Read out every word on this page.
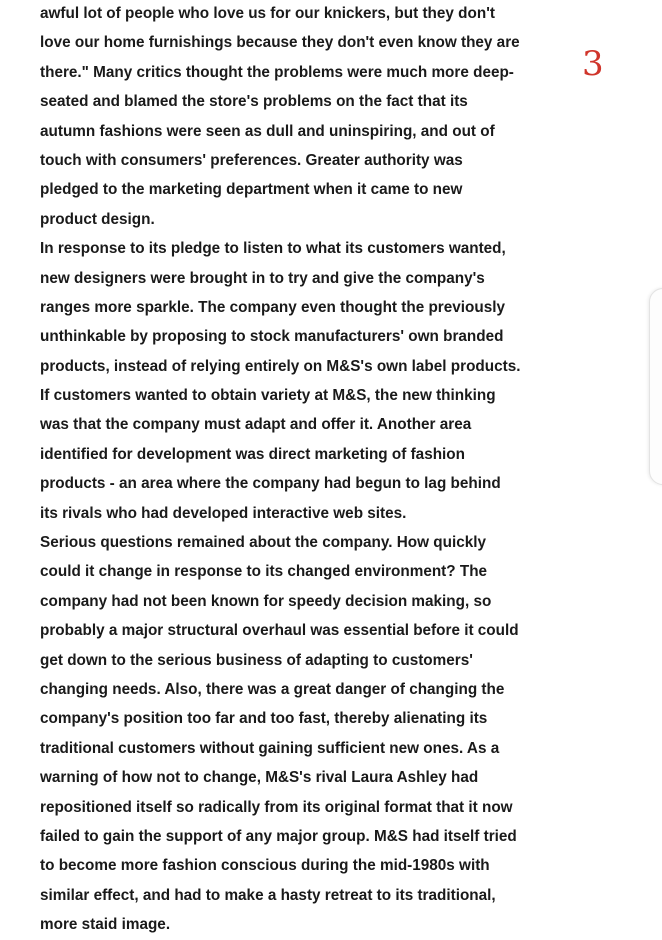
awful lot of people who love us for our knickers, but they don't
love our home furnishings because they don't even know they are
there." Many critics thought the problems were much more deep-
seated and blamed the store's problems on the fact that its
autumn fashions were seen as dull and uninspiring, and out of
touch with consumers' preferences. Greater authority was
pledged to the marketing department when it came to new
product design.
In response to its pledge to listen to what its customers wanted,
new designers were brought in to try and give the company's
ranges more sparkle. The company even thought the previously
unthinkable by proposing to stock manufacturers' own branded
products, instead of relying entirely on M&S's own label products.
If customers wanted to obtain variety at M&S, the new thinking
was that the company must adapt and offer it. Another area
identified for development was direct marketing of fashion
products - an area where the company had begun to lag behind
its rivals who had developed interactive web sites.
Serious questions remained about the company. How quickly
could it change in response to its changed environment? The
company had not been known for speedy decision making, so
probably a major structural overhaul was essential before it could
get down to the serious business of adapting to customers'
changing needs. Also, there was a great danger of changing the
company's position too far and too fast, thereby alienating its
traditional customers without gaining sufficient new ones. As a
warning of how not to change, M&S's rival Laura Ashley had
repositioned itself so radically from its original format that it now
failed to gain the support of any major group. M&S had itself tried
to become more fashion conscious during the mid-1980s with
similar effect, and had to make a hasty retreat to its traditional,
more staid image.
3
